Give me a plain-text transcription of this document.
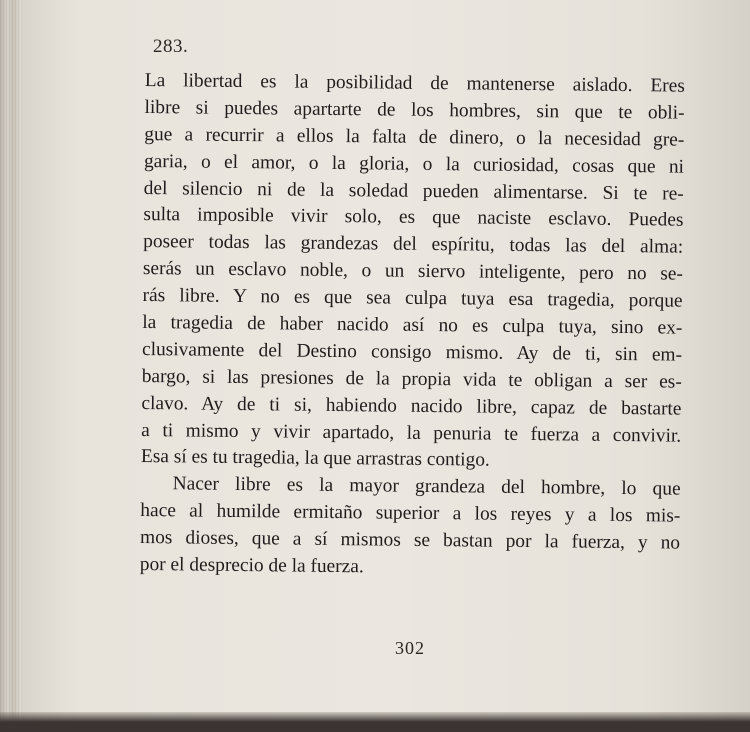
283.
La libertad es la posibilidad de mantenerse aislado. Eres
libre si puedes apartarte de los hombres, sin que te obli-
gue a recurrir a ellos la falta de dinero, o la necesidad gre-
garia, o el amor, o la gloria, o la curiosidad, cosas que ni
del silencio ni de la soledad pueden alimentarse. Si te re-
sulta imposible vivir solo, es que naciste esclavo. Puedes
poseer todas las grandezas del espíritu, todas las del alma:
serás un esclavo noble, o un siervo inteligente, pero no se-
rás libre. Y no es que sea culpa tuya esa tragedia, porque
la tragedia de haber nacido así no es culpa tuya, sino ex-
clusivamente del Destino consigo mismo. Ay de ti, sin em-
bargo, si las presiones de la propia vida te obligan a ser es-
clavo. Ay de ti si, habiendo nacido libre, capaz de bastarte
a ti mismo y vivir apartado, la penuria te fuerza a convivir.
Esa sí es tu tragedia, la que arrastras contigo.
Nacer libre es la mayor grandeza del hombre, lo que
hace al humilde ermitaño superior a los reyes y a los mis-
mos dioses, que a sí mismos se bastan por la fuerza, y no
por el desprecio de la fuerza.
302
